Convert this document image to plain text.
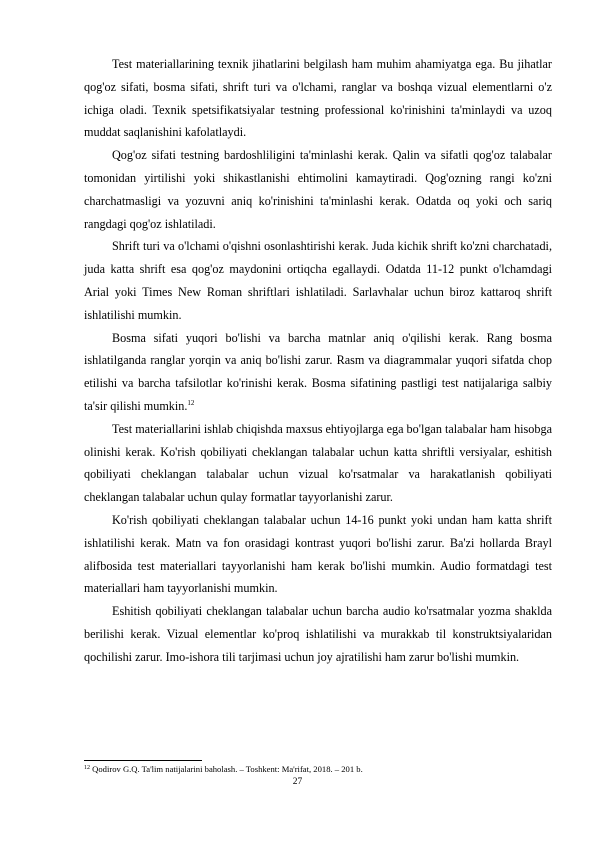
Test materiallarining texnik jihatlarini belgilash ham muhim ahamiyatga ega. Bu jihatlar qog'oz sifati, bosma sifati, shrift turi va o'lchami, ranglar va boshqa vizual elementlarni o'z ichiga oladi. Texnik spetsifikatsiyalar testning professional ko'rinishini ta'minlaydi va uzoq muddat saqlanishini kafolatlaydi.

Qog'oz sifati testning bardoshliligini ta'minlashi kerak. Qalin va sifatli qog'oz talabalar tomonidan yirtilishi yoki shikastlanishi ehtimolini kamaytiradi. Qog'ozning rangi ko'zni charchatmasligi va yozuvni aniq ko'rinishini ta'minlashi kerak. Odatda oq yoki och sariq rangdagi qog'oz ishlatiladi.

Shrift turi va o'lchami o'qishni osonlashtirishi kerak. Juda kichik shrift ko'zni charchatadi, juda katta shrift esa qog'oz maydonini ortiqcha egallaydi. Odatda 11-12 punkt o'lchamdagi Arial yoki Times New Roman shriftlari ishlatiladi. Sarlavhalar uchun biroz kattaroq shrift ishlatilishi mumkin.

Bosma sifati yuqori bo'lishi va barcha matnlar aniq o'qilishi kerak. Rang bosma ishlatilganda ranglar yorqin va aniq bo'lishi zarur. Rasm va diagrammalar yuqori sifatda chop etilishi va barcha tafsilotlar ko'rinishi kerak. Bosma sifatining pastligi test natijalariga salbiy ta'sir qilishi mumkin.$^{12}$

Test materiallarini ishlab chiqishda maxsus ehtiyojlarga ega bo'lgan talabalar ham hisobga olinishi kerak. Ko'rish qobiliyati cheklangan talabalar uchun katta shriftli versiyalar, eshitish qobiliyati cheklangan talabalar uchun vizual ko'rsatmalar va harakatlanish qobiliyati cheklangan talabalar uchun qulay formatlar tayyorlanishi zarur.

Ko'rish qobiliyati cheklangan talabalar uchun 14-16 punkt yoki undan ham katta shrift ishlatilishi kerak. Matn va fon orasidagi kontrast yuqori bo'lishi zarur. Ba'zi hollarda Brayl alifbosida test materiallari tayyorlanishi ham kerak bo'lishi mumkin. Audio formatdagi test materiallari ham tayyorlanishi mumkin.

Eshitish qobiliyati cheklangan talabalar uchun barcha audio ko'rsatmalar yozma shaklda berilishi kerak. Vizual elementlar ko'proq ishlatilishi va murakkab til konstruktsiyalaridan qochilishi zarur. Imo-ishora tili tarjimasi uchun joy ajratilishi ham zarur bo'lishi mumkin.

$^{12}$ Qodirov G.Q. Ta'lim natijalarini baholash. – Toshkent: Ma'rifat, 2018. – 201 b.
27
